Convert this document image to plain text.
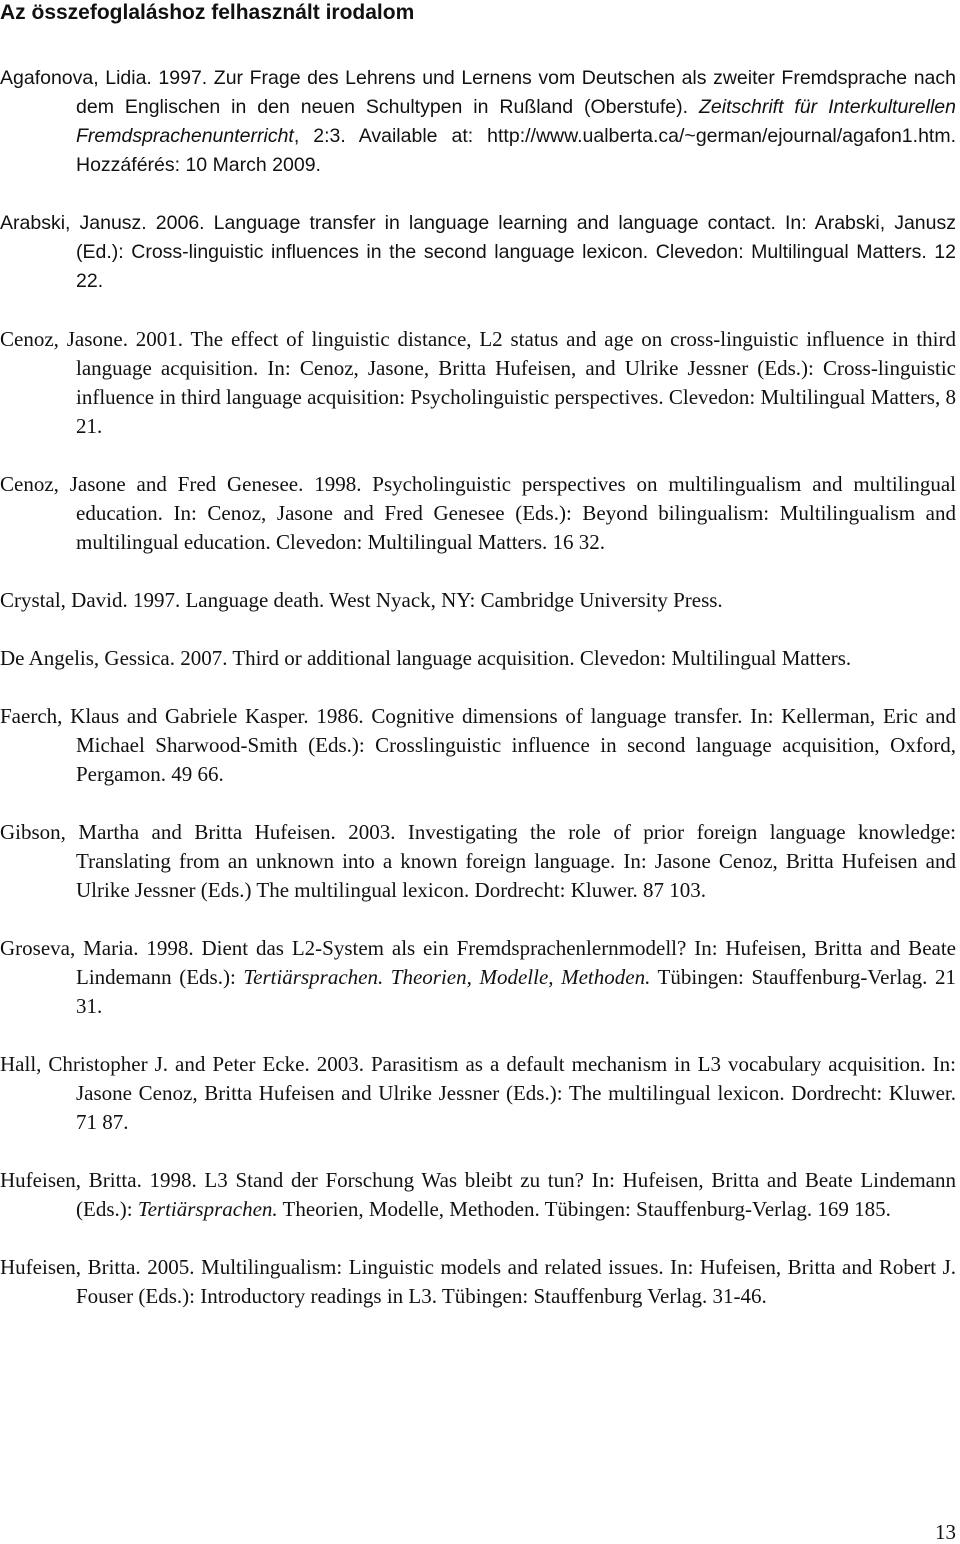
Az összefoglaláshoz felhasznált irodalom
Agafonova, Lidia. 1997. Zur Frage des Lehrens und Lernens vom Deutschen als zweiter Fremdsprache nach dem Englischen in den neuen Schultypen in Rußland (Oberstufe). Zeitschrift für Interkulturellen Fremdsprachenunterricht, 2:3. Available at: http://www.ualberta.ca/~german/ejournal/agafon1.htm. Hozzáférés: 10 March 2009.
Arabski, Janusz. 2006. Language transfer in language learning and language contact. In: Arabski, Janusz (Ed.): Cross-linguistic influences in the second language lexicon. Clevedon: Multilingual Matters. 12 22.
Cenoz, Jasone. 2001. The effect of linguistic distance, L2 status and age on cross-linguistic influence in third language acquisition. In: Cenoz, Jasone, Britta Hufeisen, and Ulrike Jessner (Eds.): Cross-linguistic influence in third language acquisition: Psycholinguistic perspectives. Clevedon: Multilingual Matters, 8 21.
Cenoz, Jasone and Fred Genesee. 1998. Psycholinguistic perspectives on multilingualism and multilingual education. In: Cenoz, Jasone and Fred Genesee (Eds.): Beyond bilingualism: Multilingualism and multilingual education. Clevedon: Multilingual Matters. 16 32.
Crystal, David. 1997. Language death. West Nyack, NY: Cambridge University Press.
De Angelis, Gessica. 2007. Third or additional language acquisition. Clevedon: Multilingual Matters.
Faerch, Klaus and Gabriele Kasper. 1986. Cognitive dimensions of language transfer. In: Kellerman, Eric and Michael Sharwood-Smith (Eds.): Crosslinguistic influence in second language acquisition, Oxford, Pergamon. 49 66.
Gibson, Martha and Britta Hufeisen. 2003. Investigating the role of prior foreign language knowledge: Translating from an unknown into a known foreign language. In: Jasone Cenoz, Britta Hufeisen and Ulrike Jessner (Eds.) The multilingual lexicon. Dordrecht: Kluwer. 87 103.
Groseva, Maria. 1998. Dient das L2-System als ein Fremdsprachenlernmodell? In: Hufeisen, Britta and Beate Lindemann (Eds.): Tertiärsprachen. Theorien, Modelle, Methoden. Tübingen: Stauffenburg-Verlag. 21 31.
Hall, Christopher J. and Peter Ecke. 2003. Parasitism as a default mechanism in L3 vocabulary acquisition. In: Jasone Cenoz, Britta Hufeisen and Ulrike Jessner (Eds.): The multilingual lexicon. Dordrecht: Kluwer. 71 87.
Hufeisen, Britta. 1998. L3 Stand der Forschung Was bleibt zu tun? In: Hufeisen, Britta and Beate Lindemann (Eds.): Tertiärsprachen. Theorien, Modelle, Methoden. Tübingen: Stauffenburg-Verlag. 169 185.
Hufeisen, Britta. 2005. Multilingualism: Linguistic models and related issues. In: Hufeisen, Britta and Robert J. Fouser (Eds.): Introductory readings in L3. Tübingen: Stauffenburg Verlag. 31-46.
13
